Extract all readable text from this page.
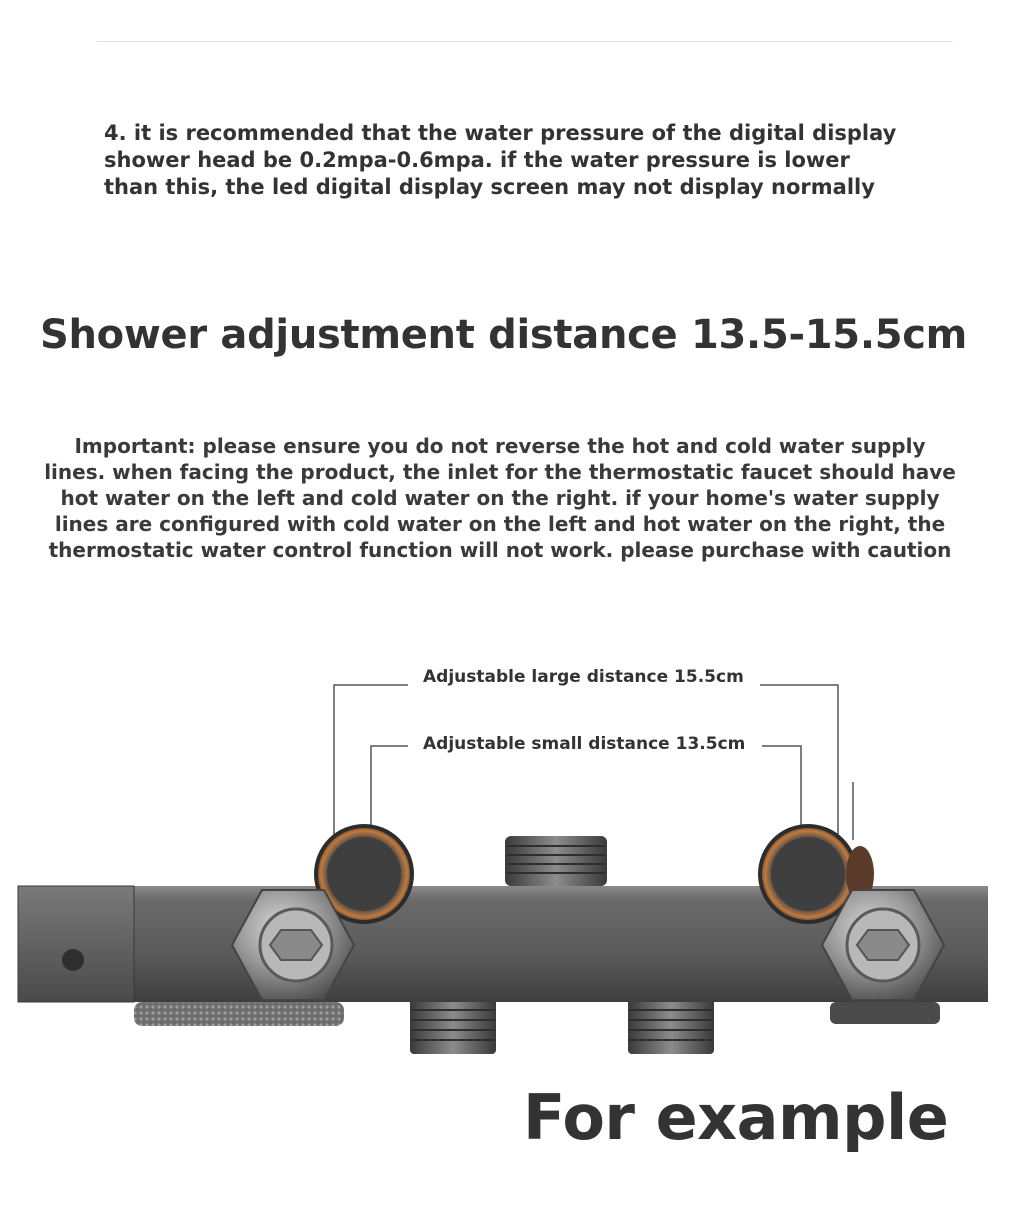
4. it is recommended that the water pressure of the digital display
shower head be 0.2mpa-0.6mpa. if the water pressure is lower
than this, the led digital display screen may not display normally
Shower adjustment distance 13.5-15.5cm
Important: please ensure you do not reverse the hot and cold water supply
lines. when facing the product, the inlet for the thermostatic faucet should have
hot water on the left and cold water on the right. if your home's water supply
lines are configured with cold water on the left and hot water on the right, the
thermostatic water control function will not work. please purchase with caution
Adjustable large distance 15.5cm
Adjustable small distance 13.5cm
For example
